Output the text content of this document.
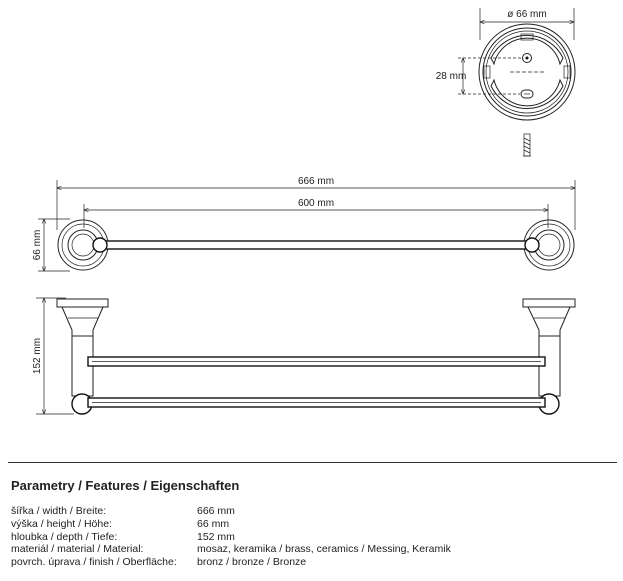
ø 66 mm
28 mm
666 mm
600 mm
66 mm
152 mm
Parametry / Features / Eigenschaften
šířka / width / Breite:	666 mm
výška / height / Höhe:	66 mm
hloubka / depth / Tiefe:	152 mm
materiál / material / Material:	mosaz, keramika / brass, ceramics / Messing, Keramik
povrch. úprava / finish / Oberfläche:	bronz / bronze / Bronze
